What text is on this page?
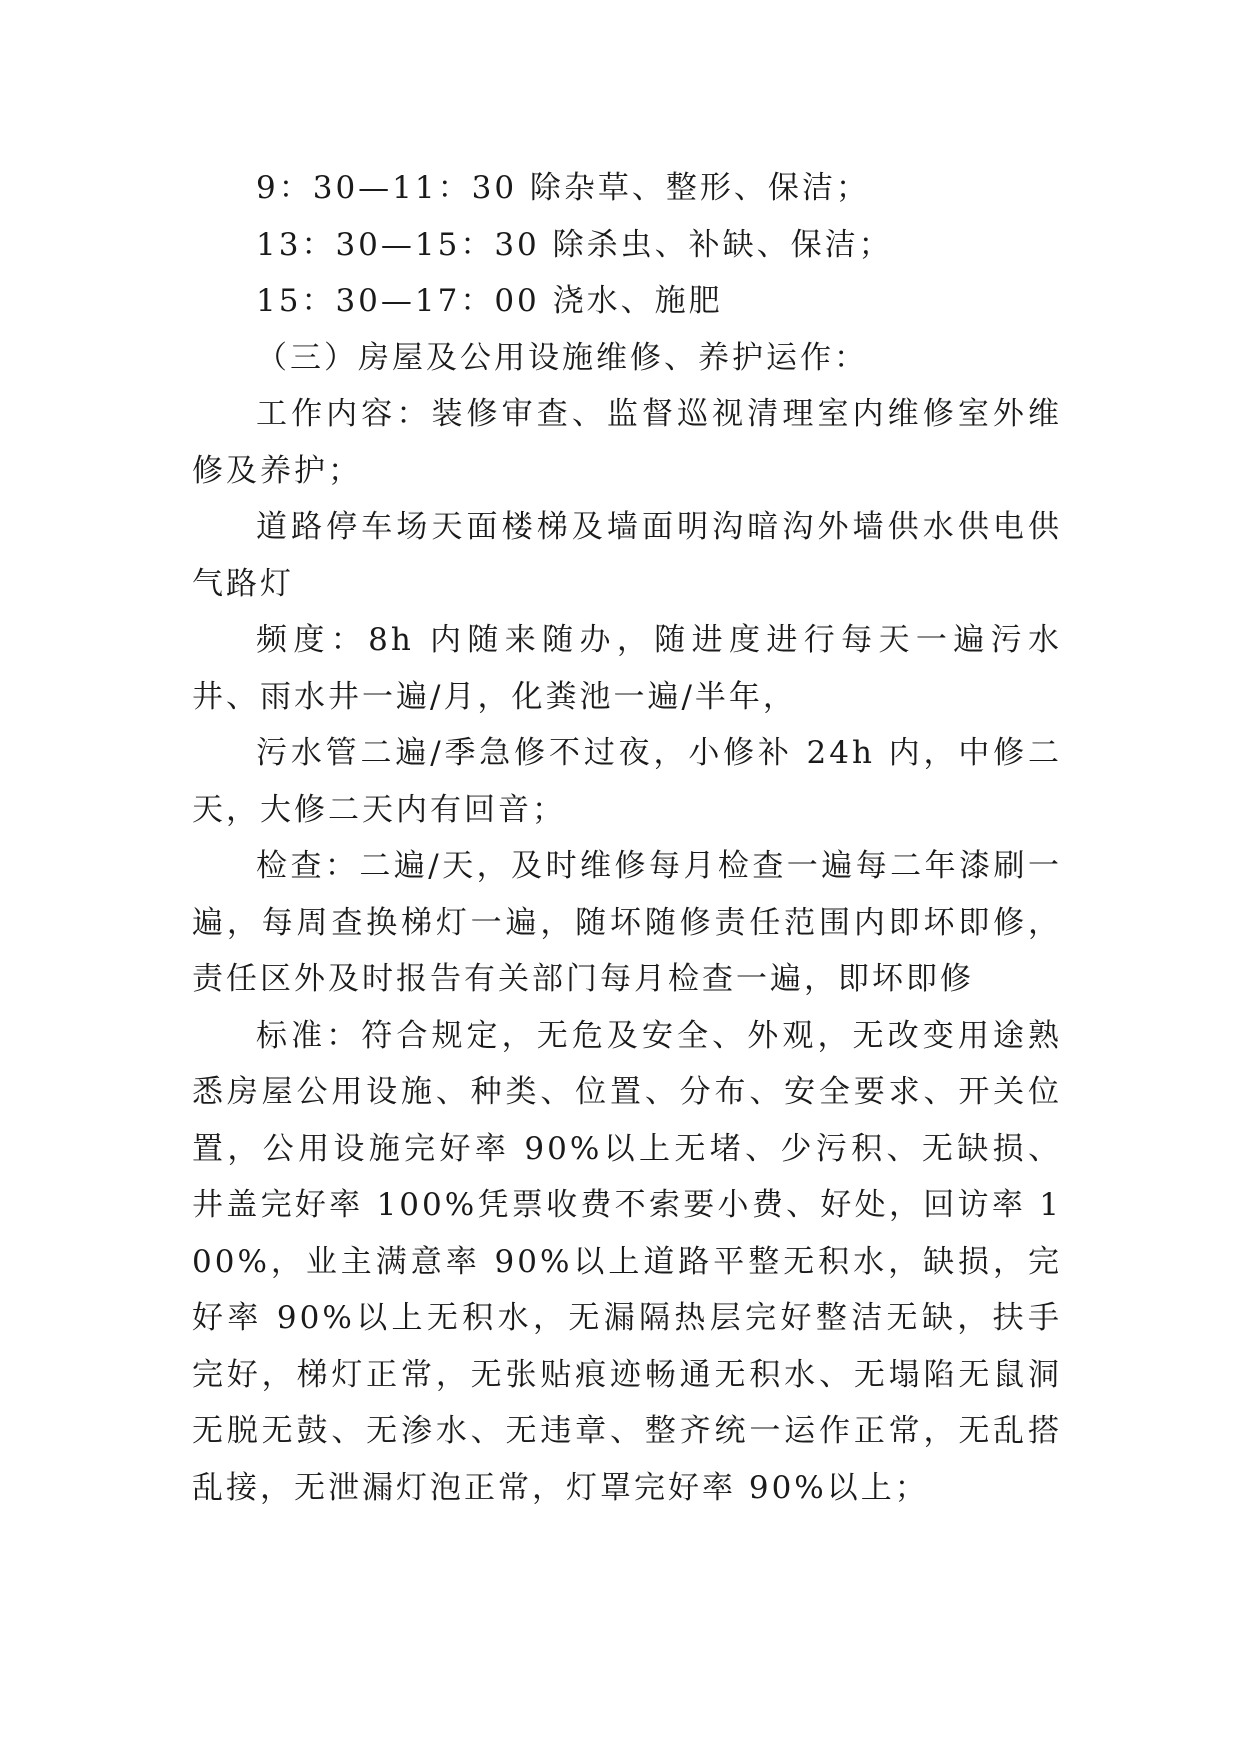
9：30—11：30 除杂草、整形、保洁；

13：30—15：30 除杀虫、补缺、保洁；

15：30—17：00 浇水、施肥

（三）房屋及公用设施维修、养护运作：

工作内容：装修审查、监督巡视清理室内维修室外维修及养护；

道路停车场天面楼梯及墙面明沟暗沟外墙供水供电供气路灯

频度：8h 内随来随办，随进度进行每天一遍污水井、雨水井一遍/月，化粪池一遍/半年，

污水管二遍/季急修不过夜，小修补 24h 内，中修二天，大修二天内有回音；

检查：二遍/天，及时维修每月检查一遍每二年漆刷一遍，每周查换梯灯一遍，随坏随修责任范围内即坏即修，责任区外及时报告有关部门每月检查一遍，即坏即修

标准：符合规定，无危及安全、外观，无改变用途熟悉房屋公用设施、种类、位置、分布、安全要求、开关位置，公用设施完好率 90%以上无堵、少污积、无缺损、井盖完好率 100%凭票收费不索要小费、好处，回访率 100%，业主满意率 90%以上道路平整无积水，缺损，完好率 90%以上无积水，无漏隔热层完好整洁无缺，扶手完好，梯灯正常，无张贴痕迹畅通无积水、无塌陷无鼠洞无脱无鼓、无渗水、无违章、整齐统一运作正常，无乱搭乱接，无泄漏灯泡正常，灯罩完好率 90%以上；
